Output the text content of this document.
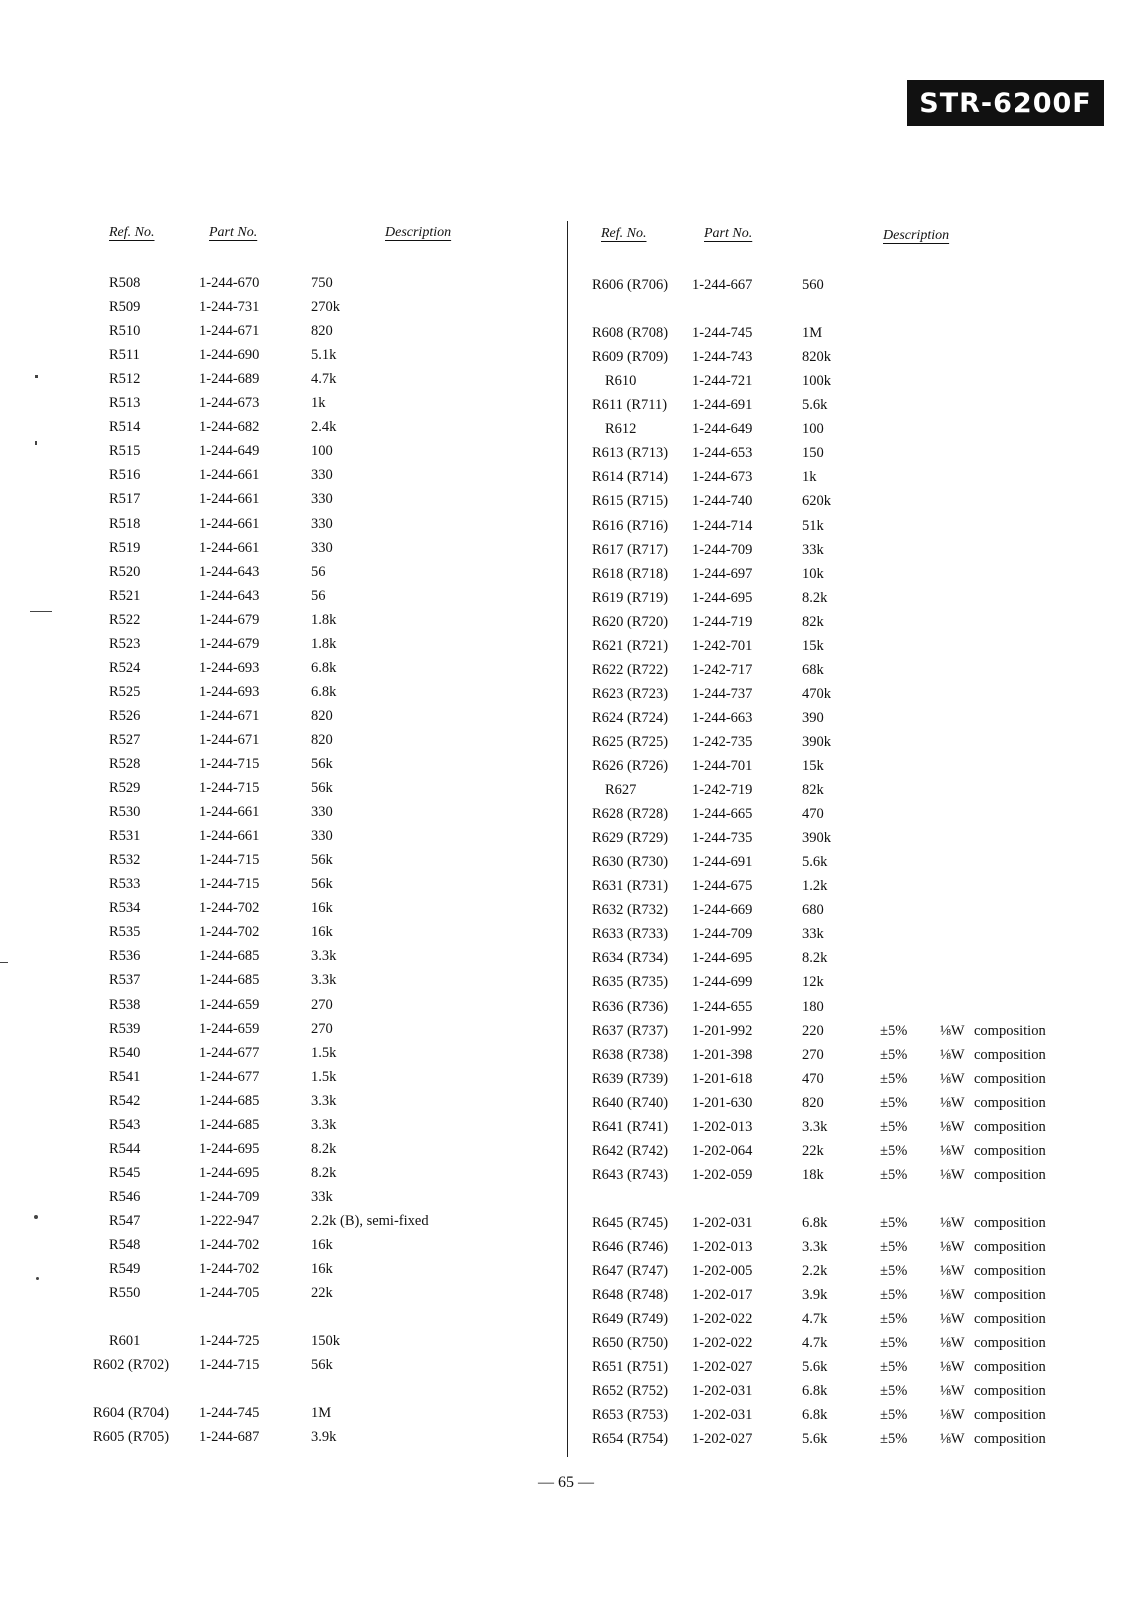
STR-6200F
Ref. No.	Part No.	Description	Ref. No.	Part No.	Description
R508	1-244-670	750
R509	1-244-731	270k
R510	1-244-671	820
R511	1-244-690	5.1k
R512	1-244-689	4.7k
R513	1-244-673	1k
R514	1-244-682	2.4k
R515	1-244-649	100
R516	1-244-661	330
R517	1-244-661	330
R518	1-244-661	330
R519	1-244-661	330
R520	1-244-643	56
R521	1-244-643	56
R522	1-244-679	1.8k
R523	1-244-679	1.8k
R524	1-244-693	6.8k
R525	1-244-693	6.8k
R526	1-244-671	820
R527	1-244-671	820
R528	1-244-715	56k
R529	1-244-715	56k
R530	1-244-661	330
R531	1-244-661	330
R532	1-244-715	56k
R533	1-244-715	56k
R534	1-244-702	16k
R535	1-244-702	16k
R536	1-244-685	3.3k
R537	1-244-685	3.3k
R538	1-244-659	270
R539	1-244-659	270
R540	1-244-677	1.5k
R541	1-244-677	1.5k
R542	1-244-685	3.3k
R543	1-244-685	3.3k
R544	1-244-695	8.2k
R545	1-244-695	8.2k
R546	1-244-709	33k
R547	1-222-947	2.2k (B), semi-fixed
R548	1-244-702	16k
R549	1-244-702	16k
R550	1-244-705	22k
R601	1-244-725	150k
R602 (R702) 1-244-715	56k
R604 (R704) 1-244-745	1M
R605 (R705) 1-244-687	3.9k
R606 (R706) 1-244-667	560
R608 (R708) 1-244-745	1M
R609 (R709) 1-244-743	820k
R610	1-244-721	100k
R611 (R711) 1-244-691	5.6k
R612	1-244-649	100
R613 (R713) 1-244-653	150
R614 (R714) 1-244-673	1k
R615 (R715) 1-244-740	620k
R616 (R716) 1-244-714	51k
R617 (R717) 1-244-709	33k
R618 (R718) 1-244-697	10k
R619 (R719) 1-244-695	8.2k
R620 (R720) 1-244-719	82k
R621 (R721) 1-242-701	15k
R622 (R722) 1-242-717	68k
R623 (R723) 1-244-737	470k
R624 (R724) 1-244-663	390
R625 (R725) 1-242-735	390k
R626 (R726) 1-244-701	15k
R627	1-242-719	82k
R628 (R728) 1-244-665	470
R629 (R729) 1-244-735	390k
R630 (R730) 1-244-691	5.6k
R631 (R731) 1-244-675	1.2k
R632 (R732) 1-244-669	680
R633 (R733) 1-244-709	33k
R634 (R734) 1-244-695	8.2k
R635 (R735) 1-244-699	12k
R636 (R736) 1-244-655	180
R637 (R737) 1-201-992	220	±5% ⅛W composition
R638 (R738) 1-201-398	270	±5% ⅛W composition
R639 (R739) 1-201-618	470	±5% ⅛W composition
R640 (R740) 1-201-630	820	±5% ⅛W composition
R641 (R741) 1-202-013	3.3k	±5% ⅛W composition
R642 (R742) 1-202-064	22k	±5% ⅛W composition
R643 (R743) 1-202-059	18k	±5% ⅛W composition
R645 (R745) 1-202-031	6.8k	±5% ⅛W composition
R646 (R746) 1-202-013	3.3k	±5% ⅛W composition
R647 (R747) 1-202-005	2.2k	±5% ⅛W composition
R648 (R748) 1-202-017	3.9k	±5% ⅛W composition
R649 (R749) 1-202-022	4.7k	±5% ⅛W composition
R650 (R750) 1-202-022	4.7k	±5% ⅛W composition
R651 (R751) 1-202-027	5.6k	±5% ⅛W composition
R652 (R752) 1-202-031	6.8k	±5% ⅛W composition
R653 (R753) 1-202-031	6.8k	±5% ⅛W composition
R654 (R754) 1-202-027	5.6k	±5% ⅛W composition
— 65 —
